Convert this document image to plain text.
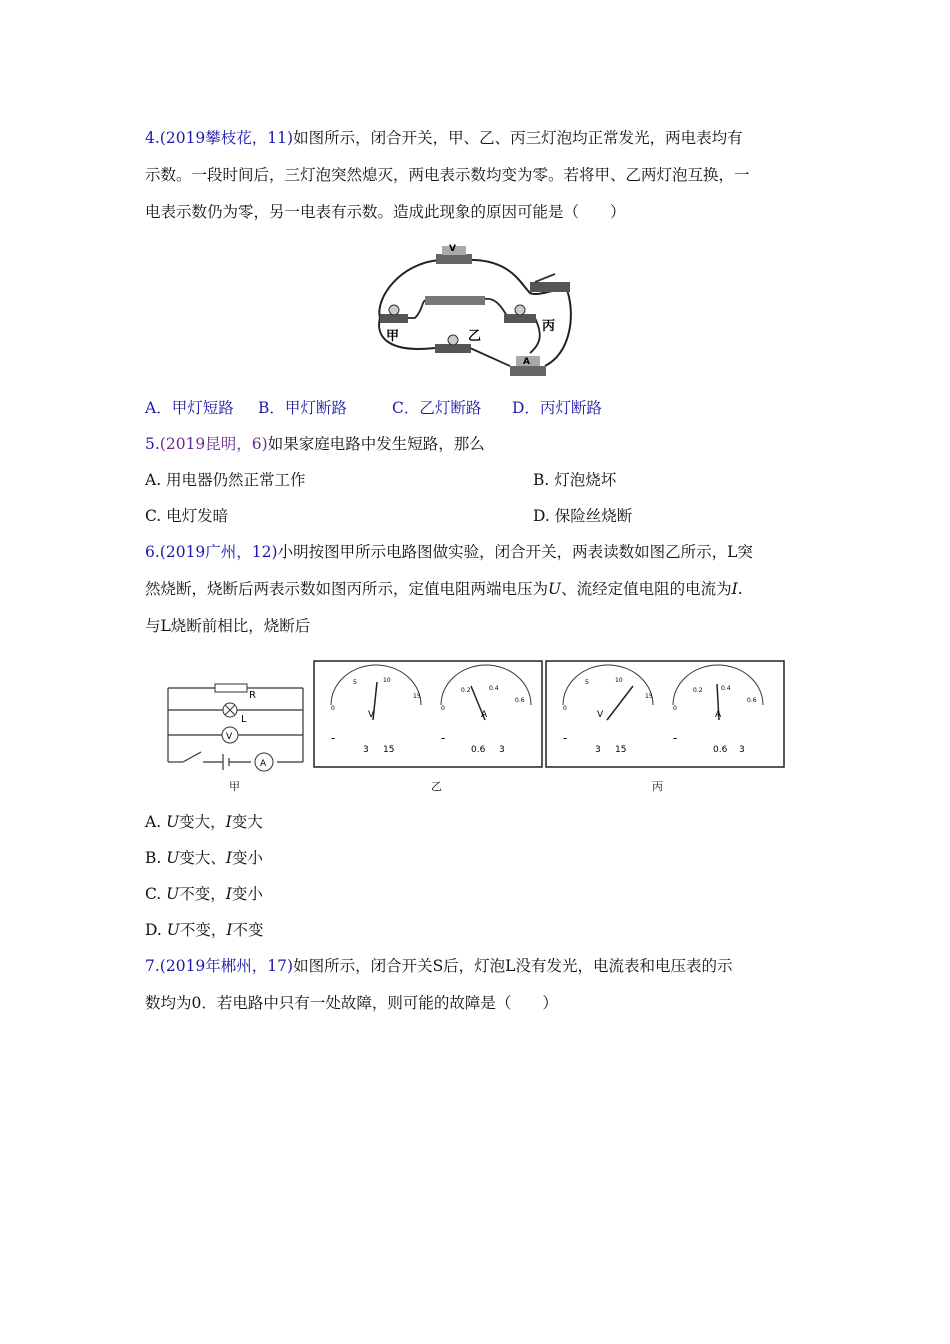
4.(2019攀枝花，11)如图所示，闭合开关，甲、乙、丙三灯泡均正常发光，两电表均有
示数。一段时间后，三灯泡突然熄灭，两电表示数均变为零。若将甲、乙两灯泡互换，一
电表示数仍为零，另一电表有示数。造成此现象的原因可能是（　　）
V
甲
丙
乙
A
A．甲灯短路 B．甲灯断路	C．乙灯断路 D．丙灯断路
5.(2019昆明，6)如果家庭电路中发生短路，那么
A. 用电器仍然正常工作	B. 灯泡烧坏
C. 电灯发暗	D. 保险丝烧断
6.(2019广州，12)小明按图甲所示电路图做实验，闭合开关，两表读数如图乙所示，L突
然烧断，烧断后两表示数如图丙所示，定值电阻两端电压为U、流经定值电阻的电流为I.
与L烧断前相比，烧断后
R
L
V
A
甲
0
5	10
15
V
-
3 15
0
0.2	0.4
0.6
A
-
0.6 3
乙
0
5	10
15
V
-
3 15
0
0.2	0.4
0.6
A
-
0.6 3
丙
A. U变大，I变大
B. U变大、I变小
C. U不变，I变小
D. U不变，I不变
7.(2019年郴州，17)如图所示，闭合开关S后，灯泡L没有发光，电流表和电压表的示
数均为0．若电路中只有一处故障，则可能的故障是（　　）
